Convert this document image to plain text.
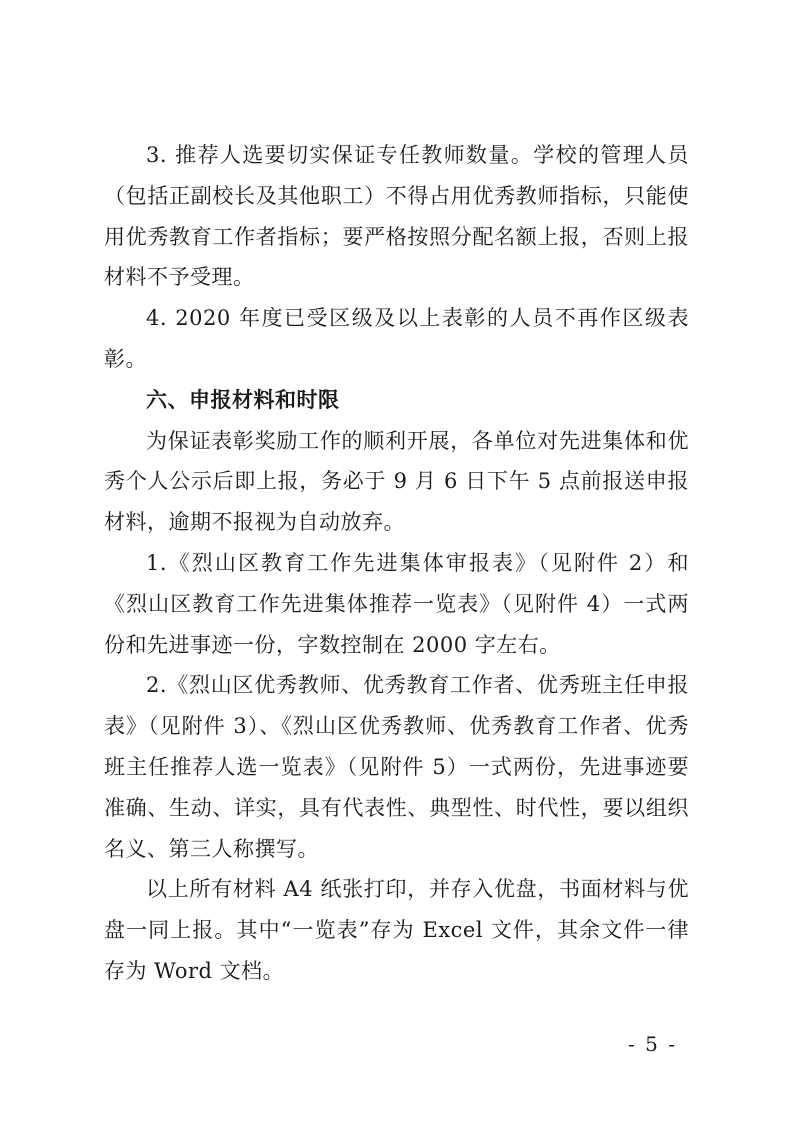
3. 推荐人选要切实保证专任教师数量。学校的管理人员（包括正副校长及其他职工）不得占用优秀教师指标，只能使用优秀教育工作者指标；要严格按照分配名额上报，否则上报材料不予受理。

4. 2020 年度已受区级及以上表彰的人员不再作区级表彰。

六、申报材料和时限

为保证表彰奖励工作的顺利开展，各单位对先进集体和优秀个人公示后即上报，务必于 9 月 6 日下午 5 点前报送申报材料，逾期不报视为自动放弃。

1.《烈山区教育工作先进集体审报表》（见附件 2）和《烈山区教育工作先进集体推荐一览表》（见附件 4）一式两份和先进事迹一份，字数控制在 2000 字左右。

2.《烈山区优秀教师、优秀教育工作者、优秀班主任申报表》（见附件 3）、《烈山区优秀教师、优秀教育工作者、优秀班主任推荐人选一览表》（见附件 5）一式两份，先进事迹要准确、生动、详实，具有代表性、典型性、时代性，要以组织名义、第三人称撰写。

以上所有材料 A4 纸张打印，并存入优盘，书面材料与优盘一同上报。其中“一览表”存为 Excel 文件，其余文件一律存为 Word 文档。

- 5 -
